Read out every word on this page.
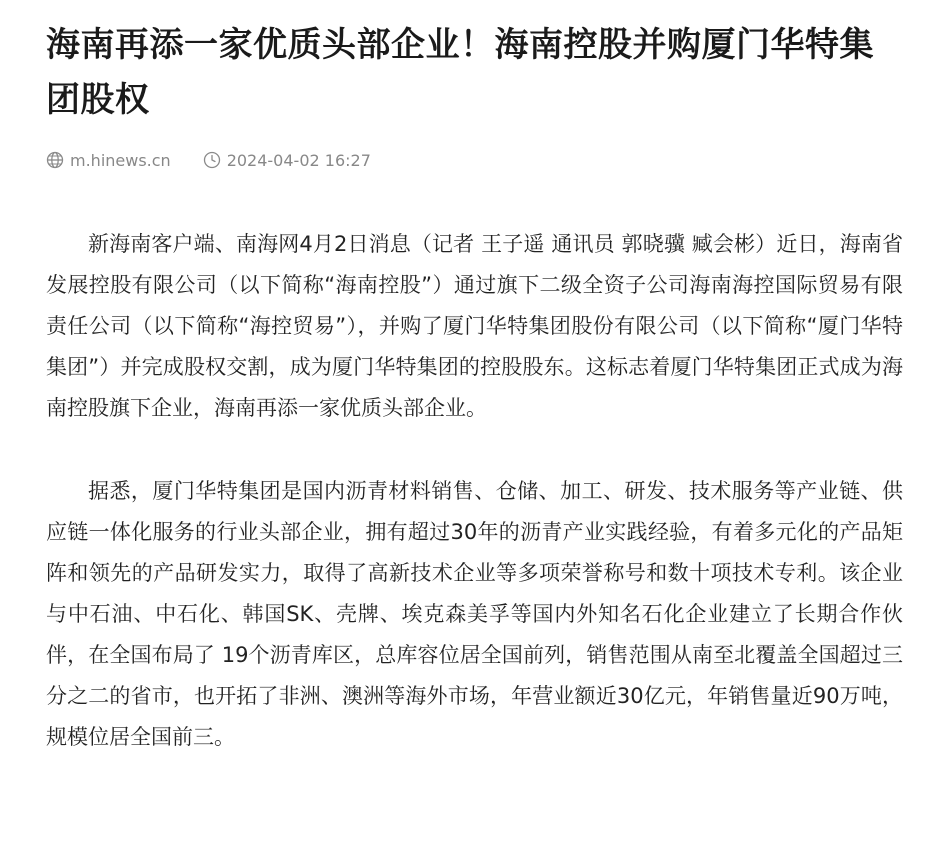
海南再添一家优质头部企业！海南控股并购厦门华特集团股权
m.hinews.cn	2024-04-02 16:27

新海南客户端、南海网4月2日消息（记者 王子遥 通讯员 郭晓骥 臧会彬）近日，海南省发展控股有限公司（以下简称“海南控股”）通过旗下二级全资子公司海南海控国际贸易有限责任公司（以下简称“海控贸易”），并购了厦门华特集团股份有限公司（以下简称“厦门华特集团”）并完成股权交割，成为厦门华特集团的控股股东。这标志着厦门华特集团正式成为海南控股旗下企业，海南再添一家优质头部企业。

据悉，厦门华特集团是国内沥青材料销售、仓储、加工、研发、技术服务等产业链、供应链一体化服务的行业头部企业，拥有超过30年的沥青产业实践经验，有着多元化的产品矩阵和领先的产品研发实力，取得了高新技术企业等多项荣誉称号和数十项技术专利。该企业与中石油、中石化、韩国SK、壳牌、埃克森美孚等国内外知名石化企业建立了长期合作伙伴，在全国布局了 19个沥青库区，总库容位居全国前列，销售范围从南至北覆盖全国超过三分之二的省市，也开拓了非洲、澳洲等海外市场，年营业额近30亿元，年销售量近90万吨，规模位居全国前三。
